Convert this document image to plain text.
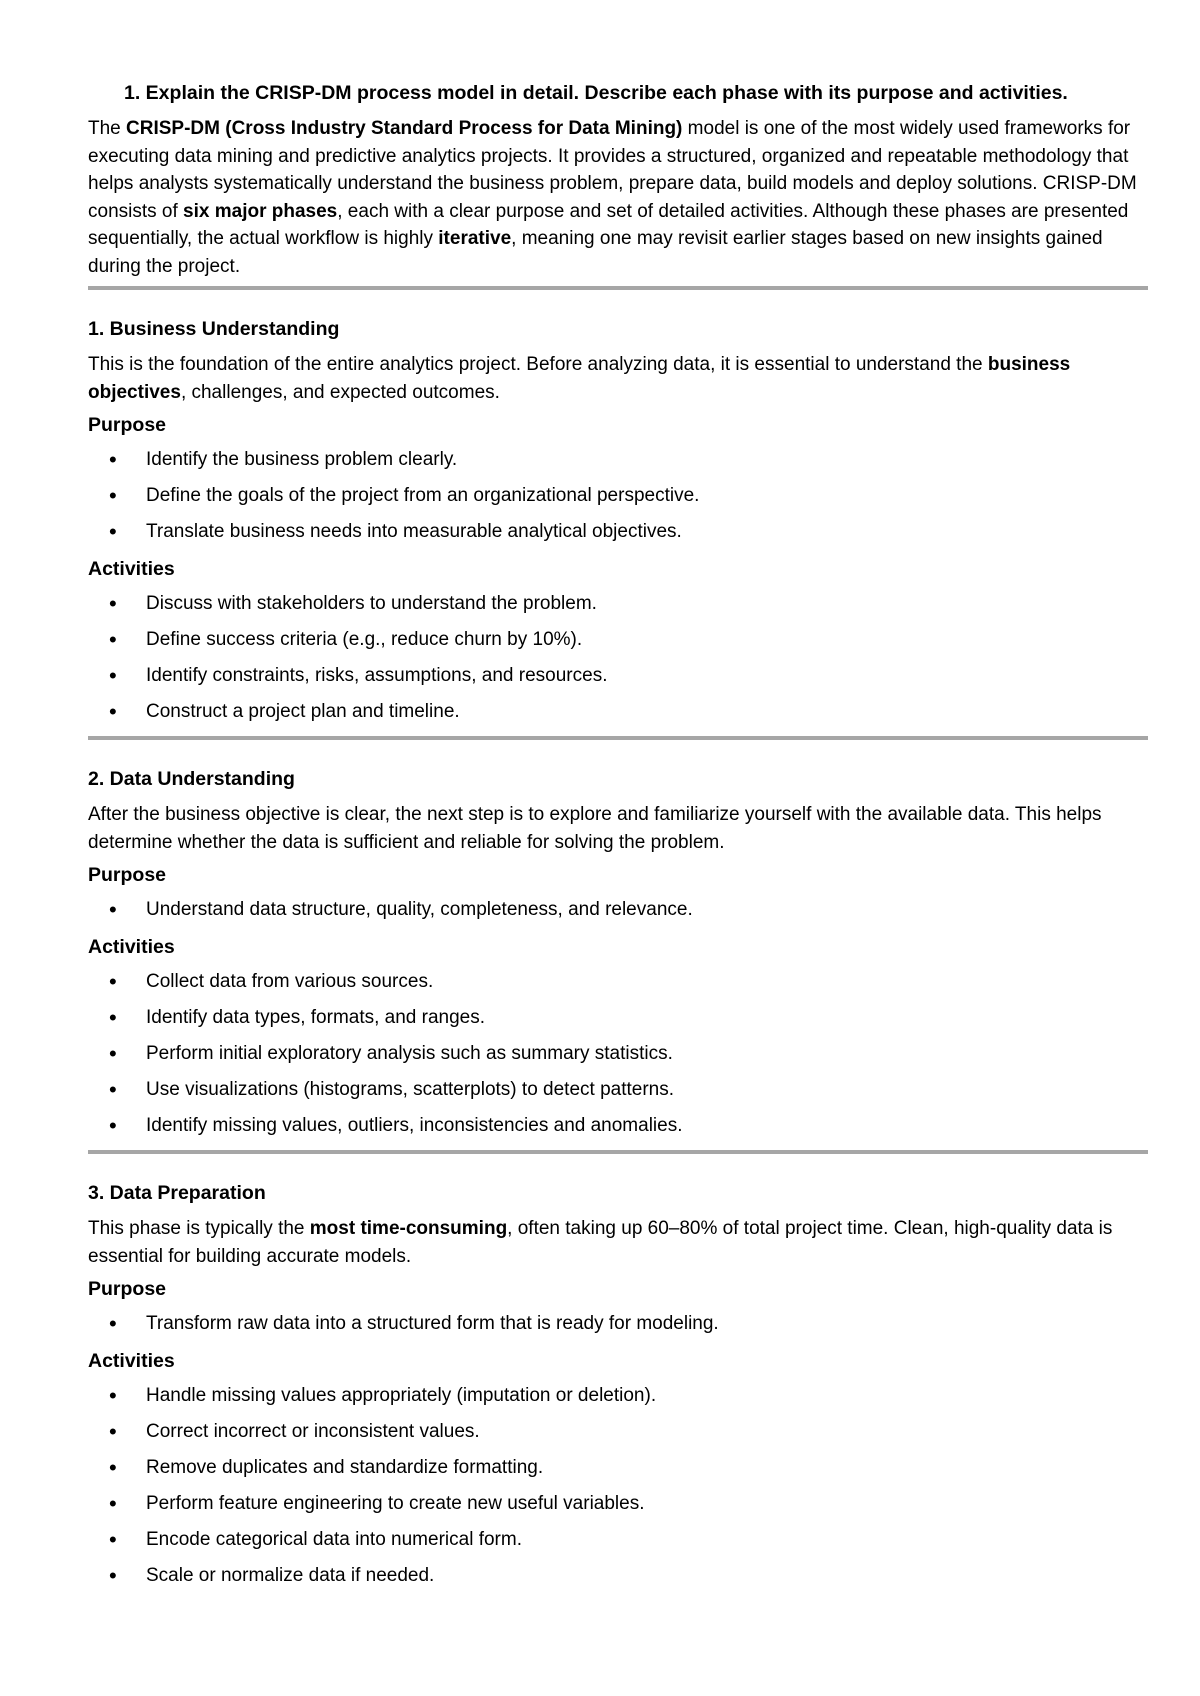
1. Explain the CRISP-DM process model in detail. Describe each phase with its purpose and activities.

The CRISP-DM (Cross Industry Standard Process for Data Mining) model is one of the most widely used frameworks for executing data mining and predictive analytics projects. It provides a structured, organized and repeatable methodology that helps analysts systematically understand the business problem, prepare data, build models and deploy solutions. CRISP-DM consists of six major phases, each with a clear purpose and set of detailed activities. Although these phases are presented sequentially, the actual workflow is highly iterative, meaning one may revisit earlier stages based on new insights gained during the project.

1. Business Understanding

This is the foundation of the entire analytics project. Before analyzing data, it is essential to understand the business objectives, challenges, and expected outcomes.

Purpose
• Identify the business problem clearly.
• Define the goals of the project from an organizational perspective.
• Translate business needs into measurable analytical objectives.
Activities
• Discuss with stakeholders to understand the problem.
• Define success criteria (e.g., reduce churn by 10%).
• Identify constraints, risks, assumptions, and resources.
• Construct a project plan and timeline.
2. Data Understanding

After the business objective is clear, the next step is to explore and familiarize yourself with the available data. This helps determine whether the data is sufficient and reliable for solving the problem.

Purpose
• Understand data structure, quality, completeness, and relevance.
Activities
• Collect data from various sources.
• Identify data types, formats, and ranges.
• Perform initial exploratory analysis such as summary statistics.
• Use visualizations (histograms, scatterplots) to detect patterns.
• Identify missing values, outliers, inconsistencies and anomalies.
3. Data Preparation

This phase is typically the most time-consuming, often taking up 60–80% of total project time. Clean, high-quality data is essential for building accurate models.

Purpose
• Transform raw data into a structured form that is ready for modeling.
Activities
• Handle missing values appropriately (imputation or deletion).
• Correct incorrect or inconsistent values.
• Remove duplicates and standardize formatting.
• Perform feature engineering to create new useful variables.
• Encode categorical data into numerical form.
• Scale or normalize data if needed.
